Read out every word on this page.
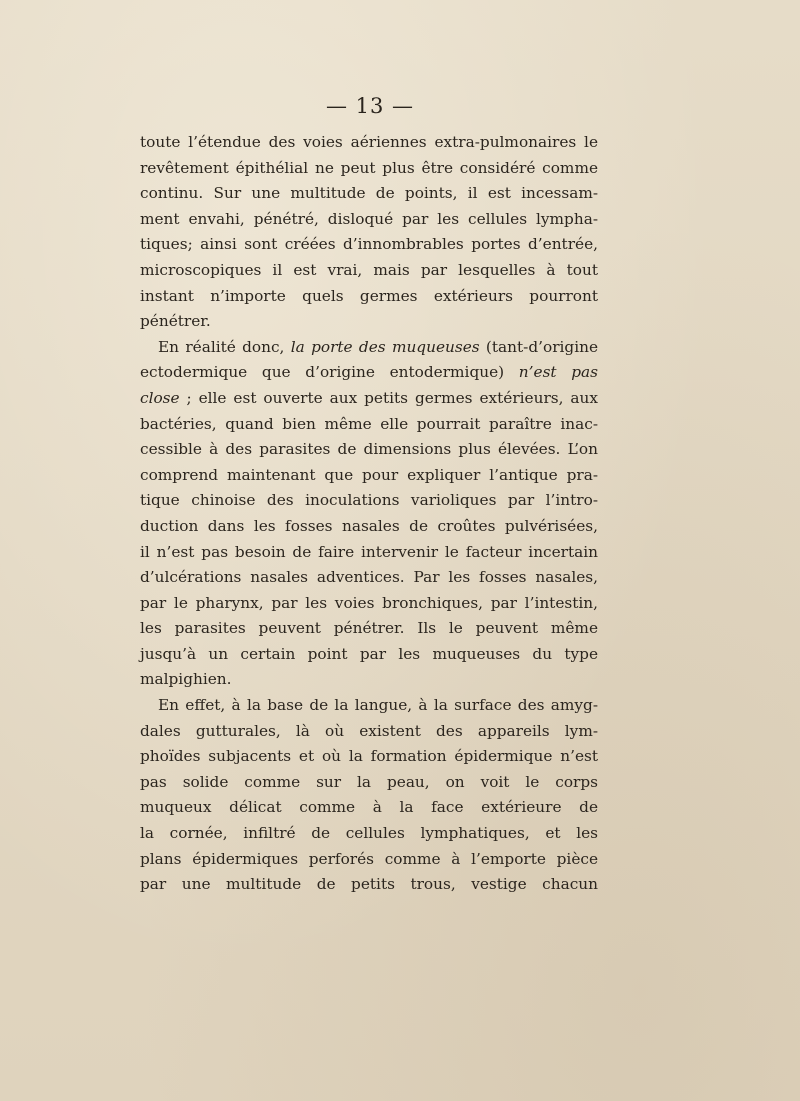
— 13 —
toute l’étendue des voies aériennes extra-pulmonaires le
revêtement épithélial ne peut plus être considéré comme
continu. Sur une multitude de points, il est incessam-
ment envahi, pénétré, disloqué par les cellules lympha-
tiques; ainsi sont créées d’innombrables portes d’entrée,
microscopiques il est vrai, mais par lesquelles à tout
instant n’importe quels germes extérieurs pourront
pénétrer.
En réalité donc, la porte des muqueuses (tant-d’origine
ectodermique que d’origine entodermique) n’est pas
close ; elle est ouverte aux petits germes extérieurs, aux
bactéries, quand bien même elle pourrait paraître inac-
cessible à des parasites de dimensions plus élevées. L’on
comprend maintenant que pour expliquer l’antique pra-
tique chinoise des inoculations varioliques par l’intro-
duction dans les fosses nasales de croûtes pulvérisées,
il n’est pas besoin de faire intervenir le facteur incertain
d’ulcérations nasales adventices. Par les fosses nasales,
par le pharynx, par les voies bronchiques, par l’intestin,
les parasites peuvent pénétrer. Ils le peuvent même
jusqu’à un certain point par les muqueuses du type
malpighien.
En effet, à la base de la langue, à la surface des amyg-
dales gutturales, là où existent des appareils lym-
phoïdes subjacents et où la formation épidermique n’est
pas solide comme sur la peau, on voit le corps
muqueux délicat comme à la face extérieure de
la cornée, infiltré de cellules lymphatiques, et les
plans épidermiques perforés comme à l’emporte pièce
par une multitude de petits trous, vestige chacun
